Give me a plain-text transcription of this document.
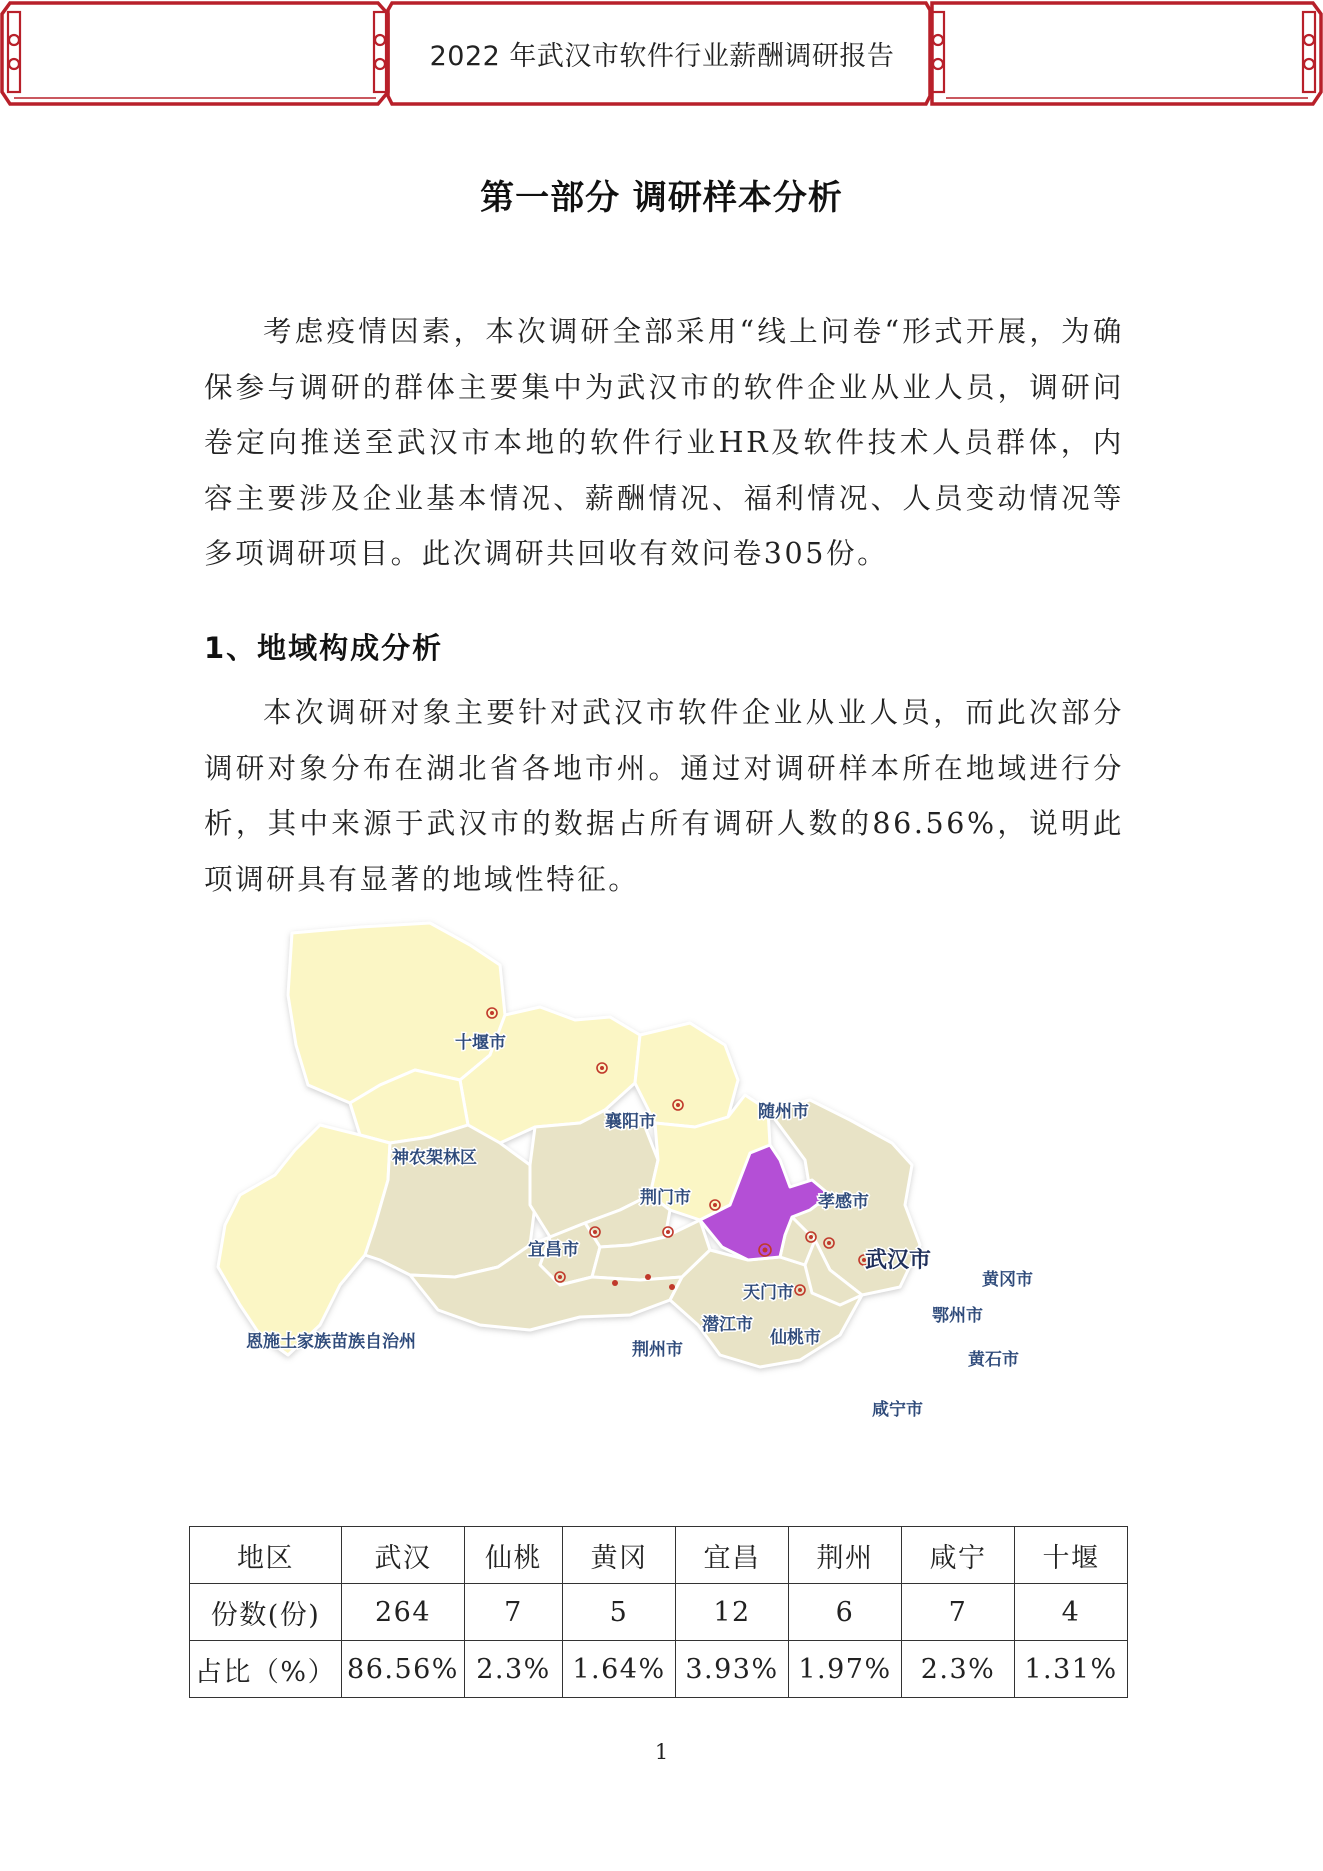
2022 年武汉市软件行业薪酬调研报告
第一部分 调研样本分析

考虑疫情因素，本次调研全部采用“线上问卷“形式开展，为确保参与调研的群体主要集中为武汉市的软件企业从业人员，调研问卷定向推送至武汉市本地的软件行业HR及软件技术人员群体，内容主要涉及企业基本情况、薪酬情况、福利情况、人员变动情况等多项调研项目。此次调研共回收有效问卷305份。

1、地域构成分析

本次调研对象主要针对武汉市软件企业从业人员，而此次部分调研对象分布在湖北省各地市州。通过对调研样本所在地域进行分析，其中来源于武汉市的数据占所有调研人数的86.56%，说明此项调研具有显著的地域性特征。

十堰市
襄阳市	随州市
神农架林区
荆门市	孝感市
宜昌市	武汉市
黄冈市
天门市
鄂州市
潜江市
仙桃市
黄石市
荆州市
恩施土家族苗族自治州
咸宁市
地区	武汉	仙桃	黄冈	宜昌	荆州	咸宁	十堰
份数(份)	264	7	5	12	6	7	4
占比（%）	86.56%	2.3%	1.64%	3.93%	1.97%	2.3%	1.31%
1
